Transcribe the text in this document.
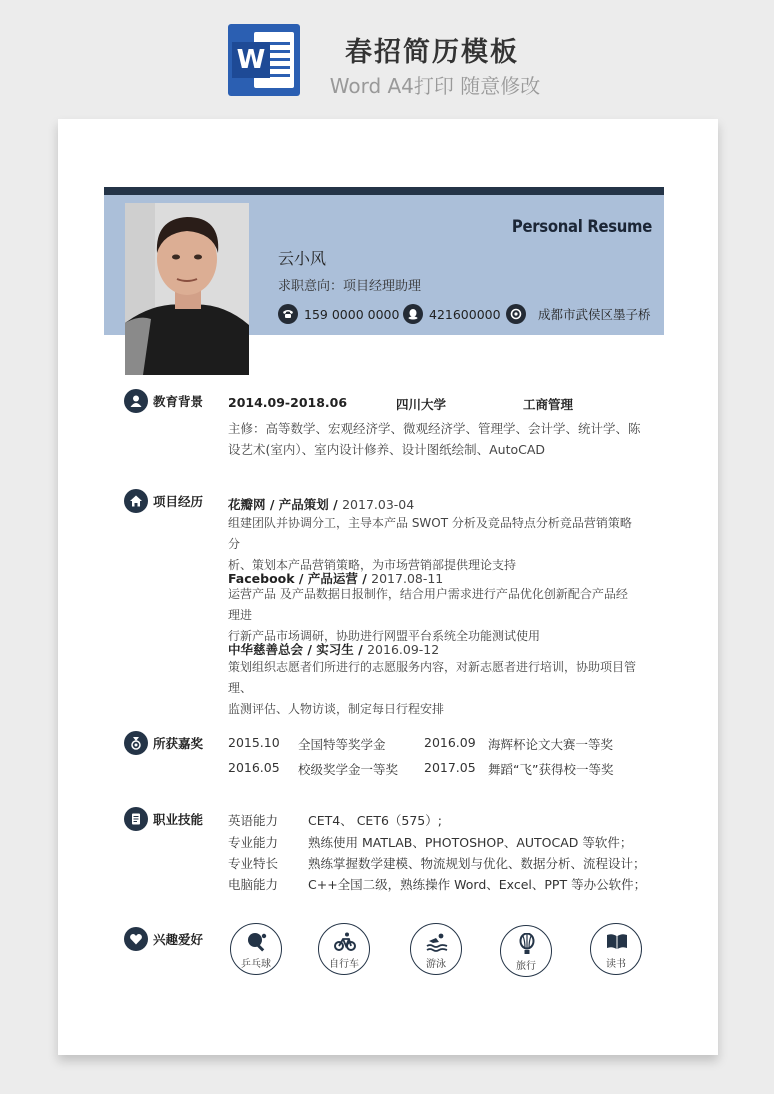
W	春招简历模板
Word A4打印 随意修改
Personal Resume
云小风
求职意向：项目经理助理
159 0000 0000 421600000	成都市武侯区墨子桥
教育背景 2014.09-2018.06	四川大学	工商管理
主修：高等数学、宏观经济学、微观经济学、管理学、会计学、统计学、陈
设艺术(室内）、室内设计修养、设计图纸绘制、AutoCAD
项目经历 花瓣网 / 产品策划 / 2017.03-04
组建团队并协调分工，主导本产品 SWOT 分析及竞品特点分析竞品营销策略分
析、策划本产品营销策略，为市场营销部提供理论支持
Facebook / 产品运营 / 2017.08-11
运营产品 及产品数据日报制作，结合用户需求进行产品优化创新配合产品经理进
行新产品市场调研，协助进行网盟平台系统全功能测试使用
中华慈善总会 / 实习生 / 2016.09-12
策划组织志愿者们所进行的志愿服务内容，对新志愿者进行培训，协助项目管理、
监测评估、人物访谈，制定每日行程安排
所获嘉奖 2015.10 全国特等奖学金	2016.09 海辉杯论文大赛一等奖
2016.05 校级奖学金一等奖 2017.05 舞蹈“飞”获得校一等奖
职业技能 英语能力 CET4、 CET6（575）;
专业能力 熟练使用 MATLAB、PHOTOSHOP、AUTOCAD 等软件；
专业特长 熟练掌握数学建模、物流规划与优化、数据分析、流程设计；
电脑能力 C++全国二级，熟练操作 Word、Excel、PPT 等办公软件；
兴趣爱好
乒乓球	自行车	游泳	旅行	读书
